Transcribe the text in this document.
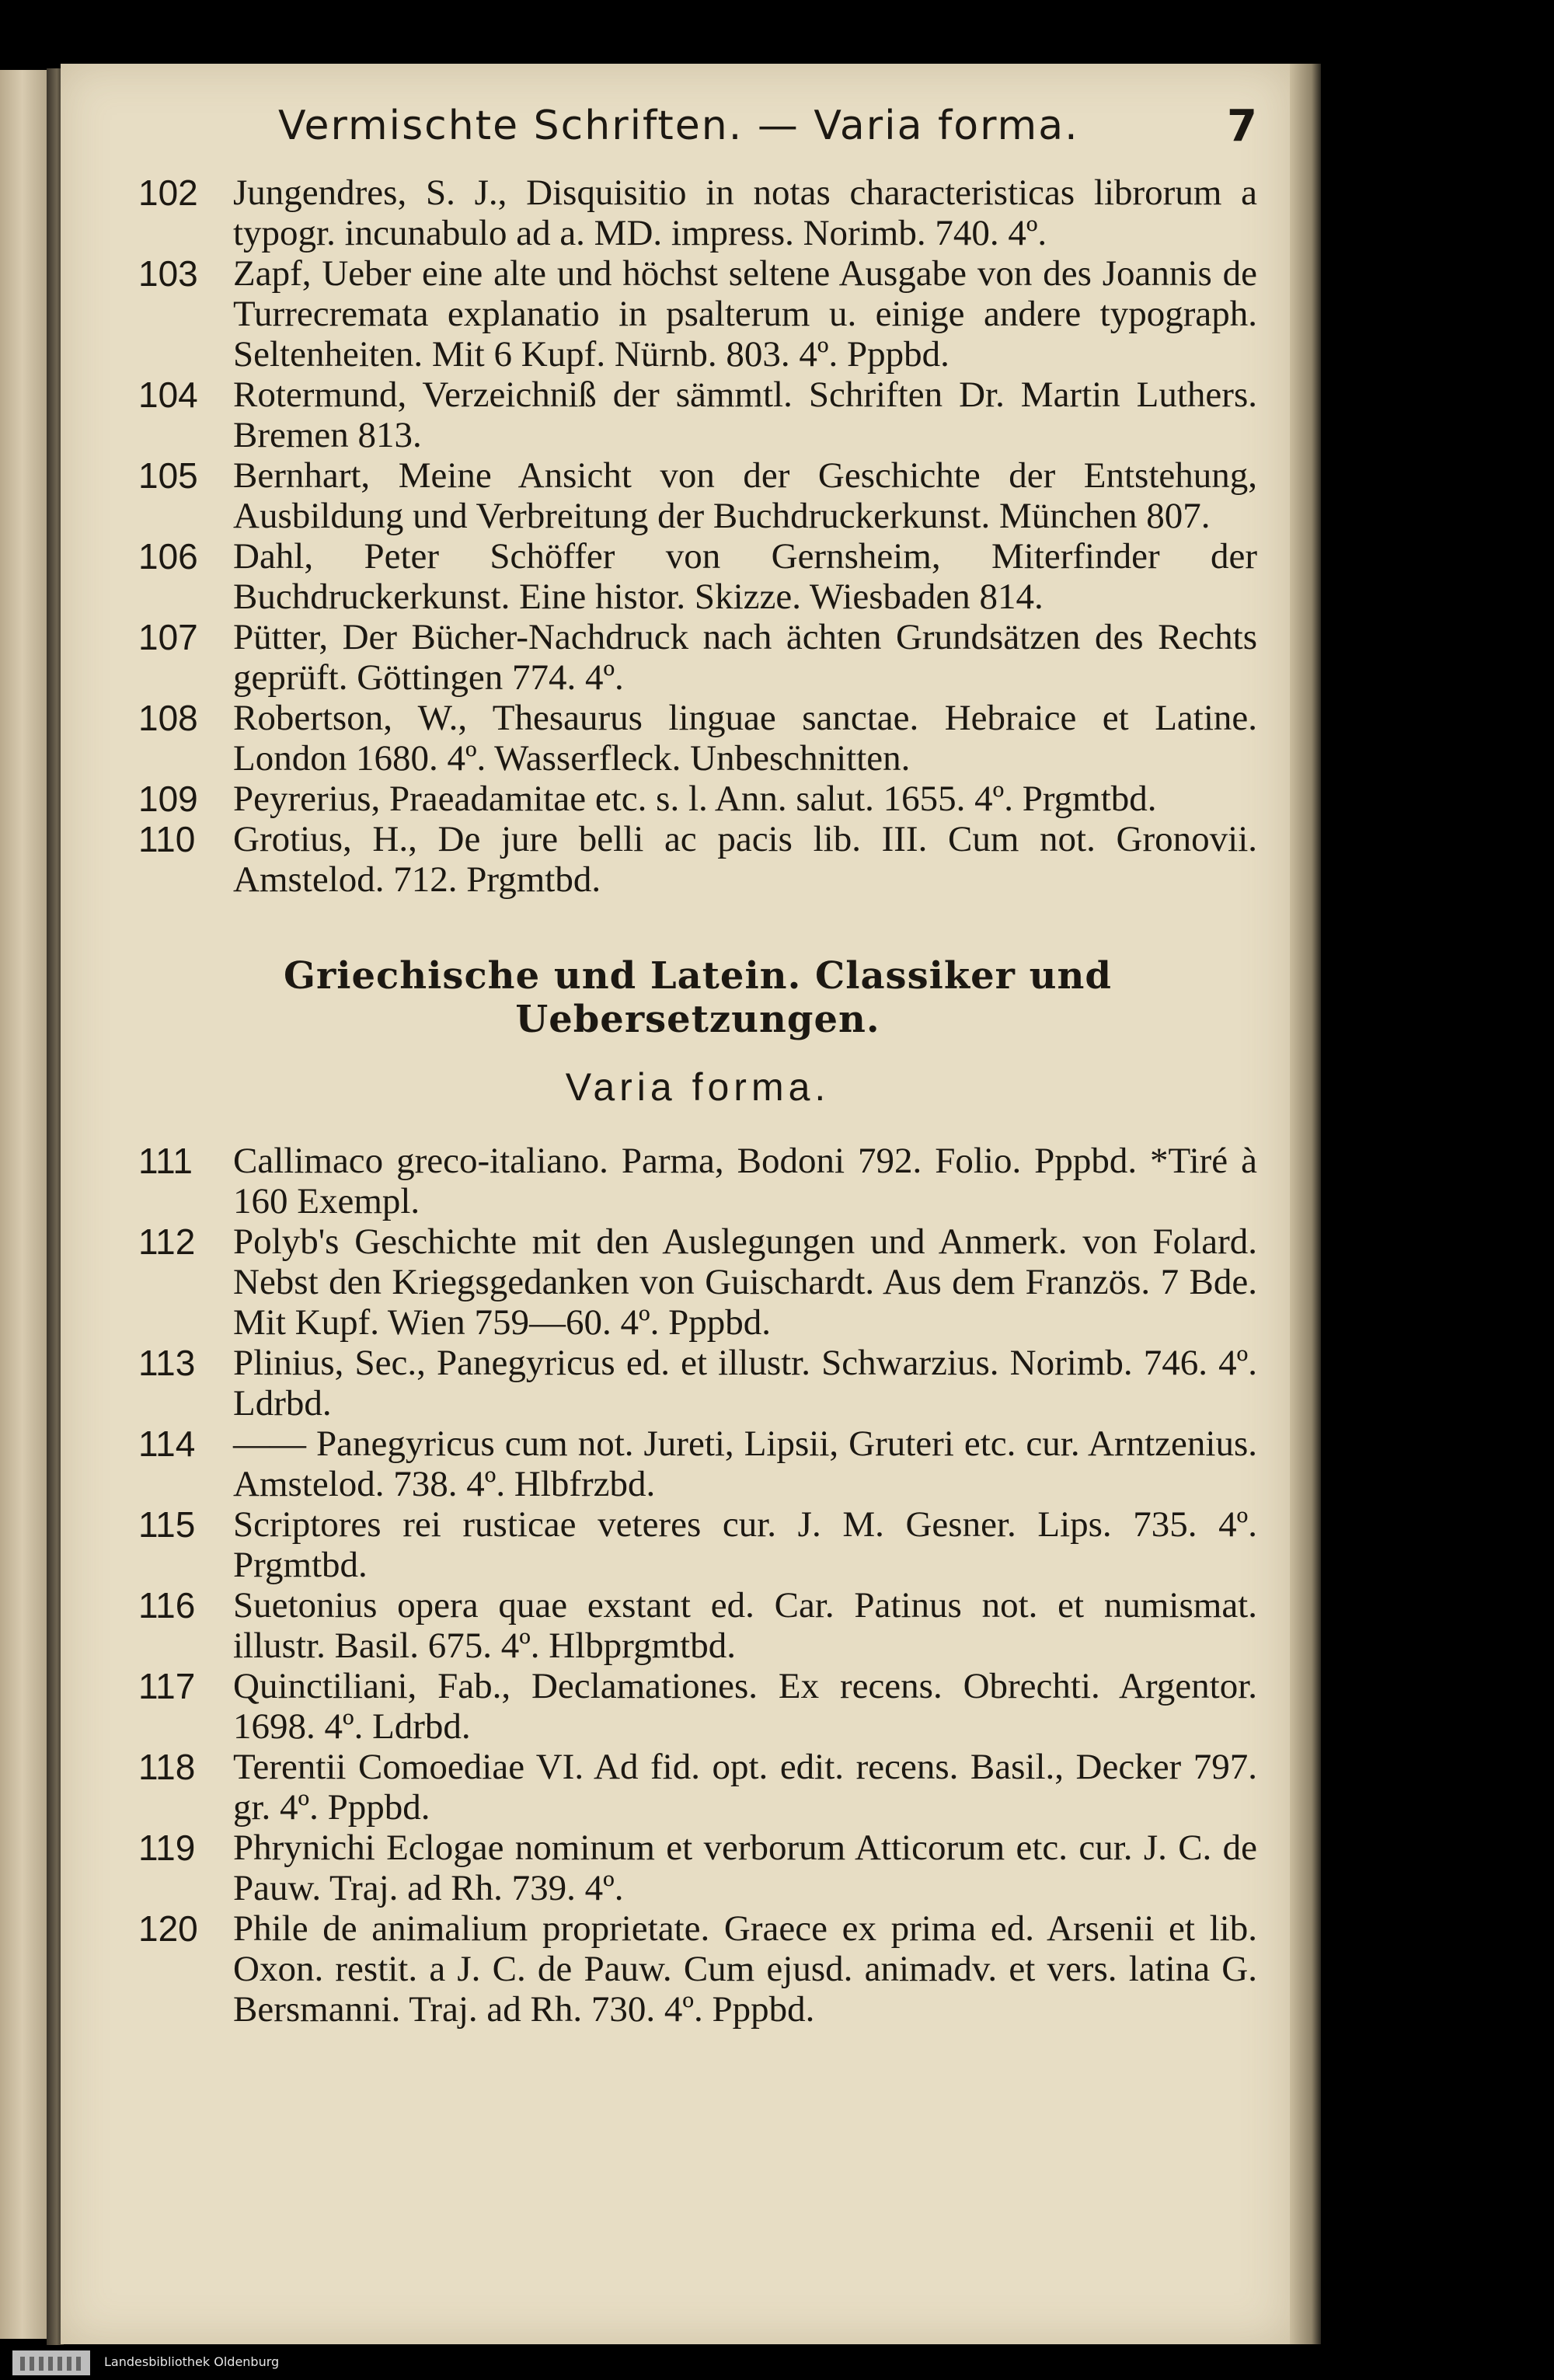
Vermischte Schriften. — Varia forma.	7
102 Jungendres, S. J., Disquisitio in notas characteristicas librorum a typogr. incunabulo ad a. MD. impress. Norimb. 740. 4º.
103 Zapf, Ueber eine alte und höchst seltene Ausgabe von des Joannis de Turrecremata explanatio in psalterum u. einige andere typograph. Seltenheiten. Mit 6 Kupf. Nürnb. 803. 4º. Pppbd.
104 Rotermund, Verzeichniß der sämmtl. Schriften Dr. Martin Luthers. Bremen 813.
105 Bernhart, Meine Ansicht von der Geschichte der Entstehung, Ausbildung und Verbreitung der Buchdruckerkunst. München 807.
106 Dahl, Peter Schöffer von Gernsheim, Miterfinder der Buchdruckerkunst. Eine histor. Skizze. Wiesbaden 814.
107 Pütter, Der Bücher-Nachdruck nach ächten Grundsätzen des Rechts geprüft. Göttingen 774. 4º.
108 Robertson, W., Thesaurus linguae sanctae. Hebraice et Latine. London 1680. 4º. Wasserfleck. Unbeschnitten.
109 Peyrerius, Praeadamitae etc. s. l. Ann. salut. 1655. 4º. Prgmtbd.
110	Grotius, H., De jure belli ac pacis lib. III. Cum not. Gronovii. Amstelod. 712. Prgmtbd.
Griechische und Latein. Classiker und Uebersetzungen.
Varia forma.
111	Callimaco greco-italiano. Parma, Bodoni 792. Folio. Pppbd. *Tiré à 160 Exempl.
112	Polyb's Geschichte mit den Auslegungen und Anmerk. von Folard. Nebst den Kriegsgedanken von Guischardt. Aus dem Französ. 7 Bde. Mit Kupf. Wien 759—60. 4º. Pppbd.
113	Plinius, Sec., Panegyricus ed. et illustr. Schwarzius. Norimb. 746. 4º. Ldrbd.
114	—— Panegyricus cum not. Jureti, Lipsii, Gruteri etc. cur. Arntzenius. Amstelod. 738. 4º. Hlbfrzbd.
115	Scriptores rei rusticae veteres cur. J. M. Gesner. Lips. 735. 4º. Prgmtbd.
116	Suetonius opera quae exstant ed. Car. Patinus not. et numismat. illustr. Basil. 675. 4º. Hlbprgmtbd.
117	Quinctiliani, Fab., Declamationes. Ex recens. Obrechti. Argentor. 1698. 4º. Ldrbd.
118	Terentii Comoediae VI. Ad fid. opt. edit. recens. Basil., Decker 797. gr. 4º. Pppbd.
119	Phrynichi Eclogae nominum et verborum Atticorum etc. cur. J. C. de Pauw. Traj. ad Rh. 739. 4º.
120 Phile de animalium proprietate. Graece ex prima ed. Arsenii et lib. Oxon. restit. a J. C. de Pauw. Cum ejusd. animadv. et vers. latina G. Bersmanni. Traj. ad Rh. 730. 4º. Pppbd.
Landesbibliothek Oldenburg
